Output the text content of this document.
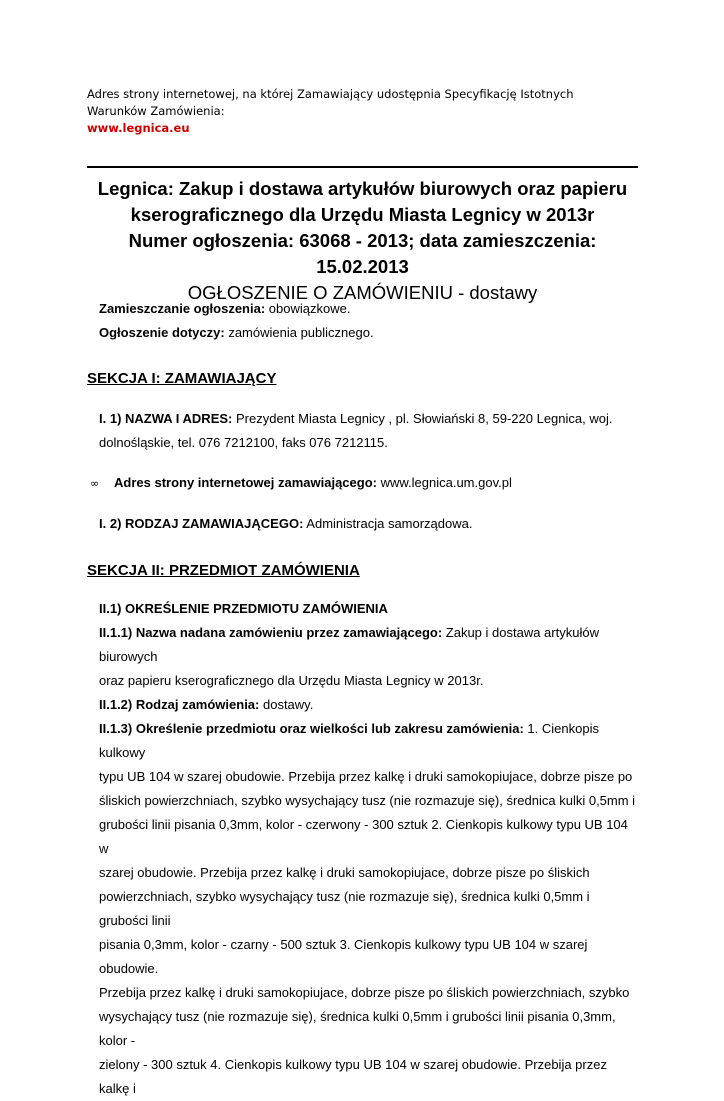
Adres strony internetowej, na której Zamawiający udostępnia Specyfikację Istotnych Warunków Zamówienia:
www.legnica.eu
Legnica: Zakup i dostawa artykułów biurowych oraz papieru
kserograficznego dla Urzędu Miasta Legnicy w 2013r
Numer ogłoszenia: 63068 - 2013; data zamieszczenia: 15.02.2013
OGŁOSZENIE O ZAMÓWIENIU - dostawy
Zamieszczanie ogłoszenia: obowiązkowe.
Ogłoszenie dotyczy: zamówienia publicznego.
SEKCJA I: ZAMAWIAJĄCY
I. 1) NAZWA I ADRES: Prezydent Miasta Legnicy , pl. Słowiański 8, 59-220 Legnica, woj.
dolnośląskie, tel. 076 7212100, faks 076 7212115.
∞ Adres strony internetowej zamawiającego: www.legnica.um.gov.pl
I. 2) RODZAJ ZAMAWIAJĄCEGO: Administracja samorządowa.
SEKCJA II: PRZEDMIOT ZAMÓWIENIA
II.1) OKREŚLENIE PRZEDMIOTU ZAMÓWIENIA
II.1.1) Nazwa nadana zamówieniu przez zamawiającego: Zakup i dostawa artykułów biurowych
oraz papieru kserograficznego dla Urzędu Miasta Legnicy w 2013r.
II.1.2) Rodzaj zamówienia: dostawy.
II.1.3) Określenie przedmiotu oraz wielkości lub zakresu zamówienia: 1. Cienkopis kulkowy
typu UB 104 w szarej obudowie. Przebija przez kalkę i druki samokopiujace, dobrze pisze po
śliskich powierzchniach, szybko wysychający tusz (nie rozmazuje się), średnica kulki 0,5mm i
grubości linii pisania 0,3mm, kolor - czerwony - 300 sztuk 2. Cienkopis kulkowy typu UB 104 w
szarej obudowie. Przebija przez kalkę i druki samokopiujace, dobrze pisze po śliskich
powierzchniach, szybko wysychający tusz (nie rozmazuje się), średnica kulki 0,5mm i grubości linii
pisania 0,3mm, kolor - czarny - 500 sztuk 3. Cienkopis kulkowy typu UB 104 w szarej obudowie.
Przebija przez kalkę i druki samokopiujace, dobrze pisze po śliskich powierzchniach, szybko
wysychający tusz (nie rozmazuje się), średnica kulki 0,5mm i grubości linii pisania 0,3mm, kolor -
zielony - 300 sztuk 4. Cienkopis kulkowy typu UB 104 w szarej obudowie. Przebija przez kalkę i
